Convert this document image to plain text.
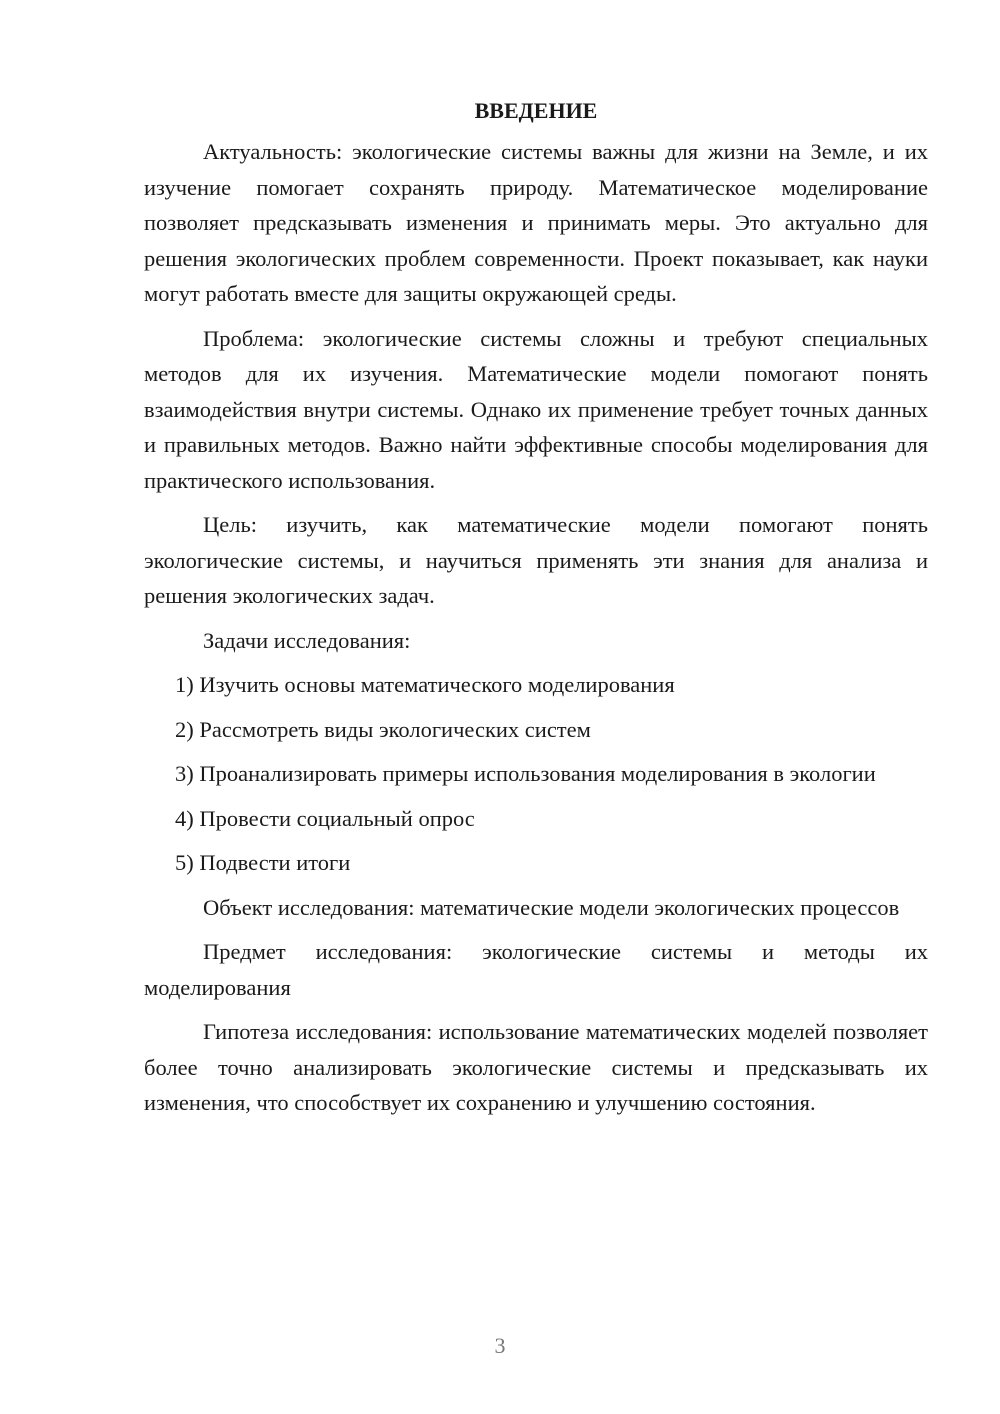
ВВЕДЕНИЕ

Актуальность: экологические системы важны для жизни на Земле, и их изучение помогает сохранять природу. Математическое моделирование позволяет предсказывать изменения и принимать меры. Это актуально для решения экологических проблем современности. Проект показывает, как науки могут работать вместе для защиты окружающей среды.

Проблема: экологические системы сложны и требуют специальных методов для их изучения. Математические модели помогают понять взаимодействия внутри системы. Однако их применение требует точных данных и правильных методов. Важно найти эффективные способы моделирования для практического использования.

Цель: изучить, как математические модели помогают понять экологические системы, и научиться применять эти знания для анализа и решения экологических задач.

Задачи исследования:

1) Изучить основы математического моделирования

2) Рассмотреть виды экологических систем

3) Проанализировать примеры использования моделирования в экологии

4) Провести социальный опрос

5) Подвести итоги

Объект исследования: математические модели экологических процессов

Предмет исследования: экологические системы и методы их моделирования

Гипотеза исследования: использование математических моделей позволяет более точно анализировать экологические системы и предсказывать их изменения, что способствует их сохранению и улучшению состояния.

3
